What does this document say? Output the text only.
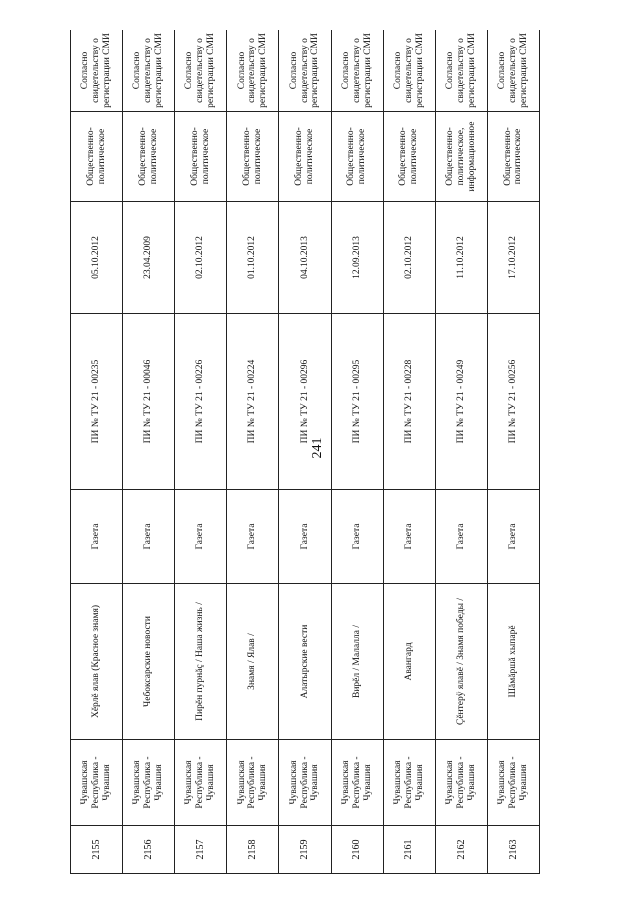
241
2155	Чувашская Республика - Чувашия	Хĕрлĕ ялав (Красное знамя)	Газета	ПИ № ТУ 21 - 00235	05.10.2012	Общественно-политическое	Согласно свидетельству о регистрации СМИ
2156	Чувашская Республика - Чувашия	Чебоксарские новости	Газета	ПИ № ТУ 21 - 00046	23.04.2009	Общественно-политическое	Согласно свидетельству о регистрации СМИ
2157	Чувашская Республика - Чувашия	Пирĕн пурнăç / Наша жизнь /	Газета	ПИ № ТУ 21 - 00226	02.10.2012	Общественно-политическое	Согласно свидетельству о регистрации СМИ
2158	Чувашская Республика - Чувашия	Знамя / Ялав /	Газета	ПИ № ТУ 21 - 00224	01.10.2012	Общественно-политическое	Согласно свидетельству о регистрации СМИ
2159	Чувашская Республика - Чувашия	Алатырские вести	Газета	ПИ № ТУ 21 - 00296	04.10.2013	Общественно-политическое	Согласно свидетельству о регистрации СМИ
2160	Чувашская Республика - Чувашия	Вирĕл / Малалла /	Газета	ПИ № ТУ 21 - 00295	12.09.2013	Общественно-политическое	Согласно свидетельству о регистрации СМИ
2161	Чувашская Республика - Чувашия	Авангард	Газета	ПИ № ТУ 21 - 00228	02.10.2012	Общественно-политическое	Согласно свидетельству о регистрации СМИ
2162	Чувашская Республика - Чувашия	Çĕнтерÿ ялавĕ / Знамя победы /	Газета	ПИ № ТУ 21 - 00249	11.10.2012	Общественно-политическое, информационное	Согласно свидетельству о регистрации СМИ
2163	Чувашская Республика - Чувашия	Шăмăршă хыпарĕ	Газета	ПИ № ТУ 21 - 00256	17.10.2012	Общественно-политическое	Согласно свидетельству о регистрации СМИ
